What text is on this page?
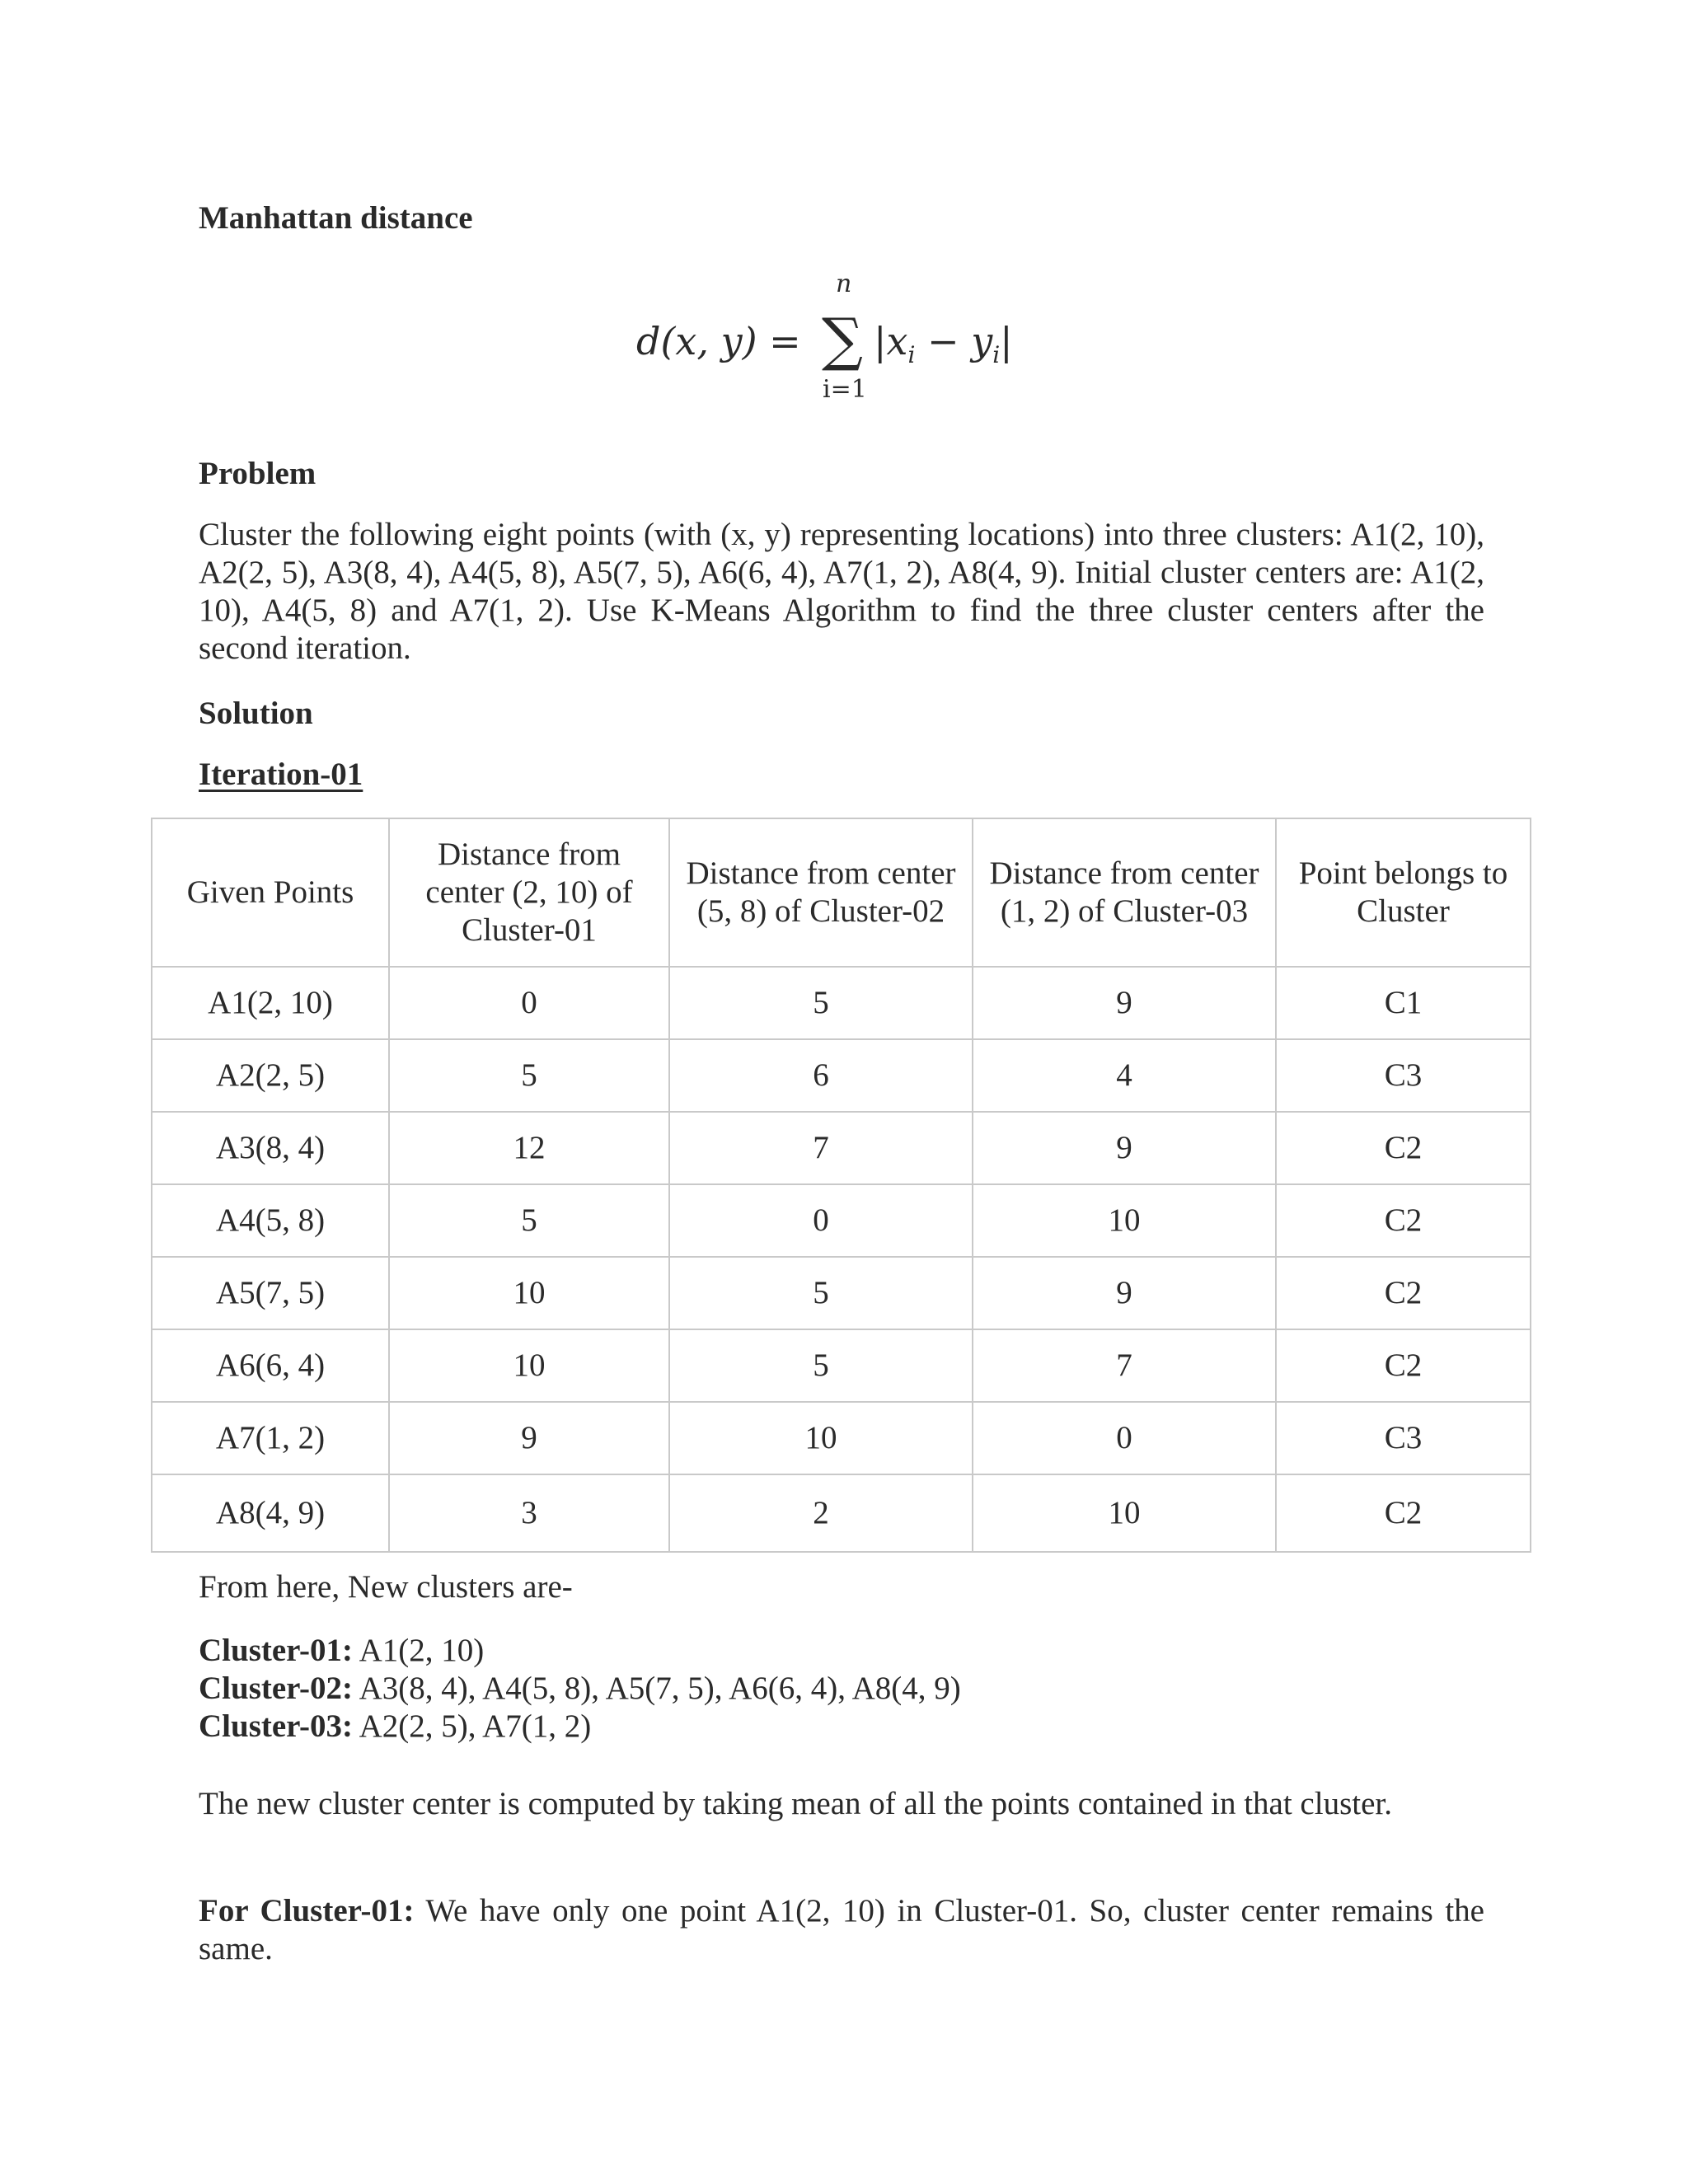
Manhattan distance
d(x, y) =
n
∑
i=1
$|x_i - y_i|$
Problem

Cluster the following eight points (with (x, y) representing locations) into three clusters: A1(2, 10), A2(2, 5), A3(8, 4), A4(5, 8), A5(7, 5), A6(6, 4), A7(1, 2), A8(4, 9). Initial cluster centers are: A1(2, 10), A4(5, 8) and A7(1, 2). Use K-Means Algorithm to find the three cluster centers after the second iteration.

Solution
Iteration-01
Given Points	Distance from center (2, 10) of Cluster-01	Distance from center (5, 8) of Cluster-02	Distance from center (1, 2) of Cluster-03	Point belongs to Cluster
A1(2, 10)	0	5	9	C1
A2(2, 5)	5	6	4	C3
A3(8, 4)	12	7	9	C2
A4(5, 8)	5	0	10	C2
A5(7, 5)	10	5	9	C2
A6(6, 4)	10	5	7	C2
A7(1, 2)	9	10	0	C3
A8(4, 9)	3	2	10	C2

From here, New clusters are-

Cluster-01: A1(2, 10)

Cluster-02: A3(8, 4), A4(5, 8), A5(7, 5), A6(6, 4), A8(4, 9)

Cluster-03: A2(2, 5), A7(1, 2)

The new cluster center is computed by taking mean of all the points contained in that cluster.

For Cluster-01: We have only one point A1(2, 10) in Cluster-01. So, cluster center remains the same.
